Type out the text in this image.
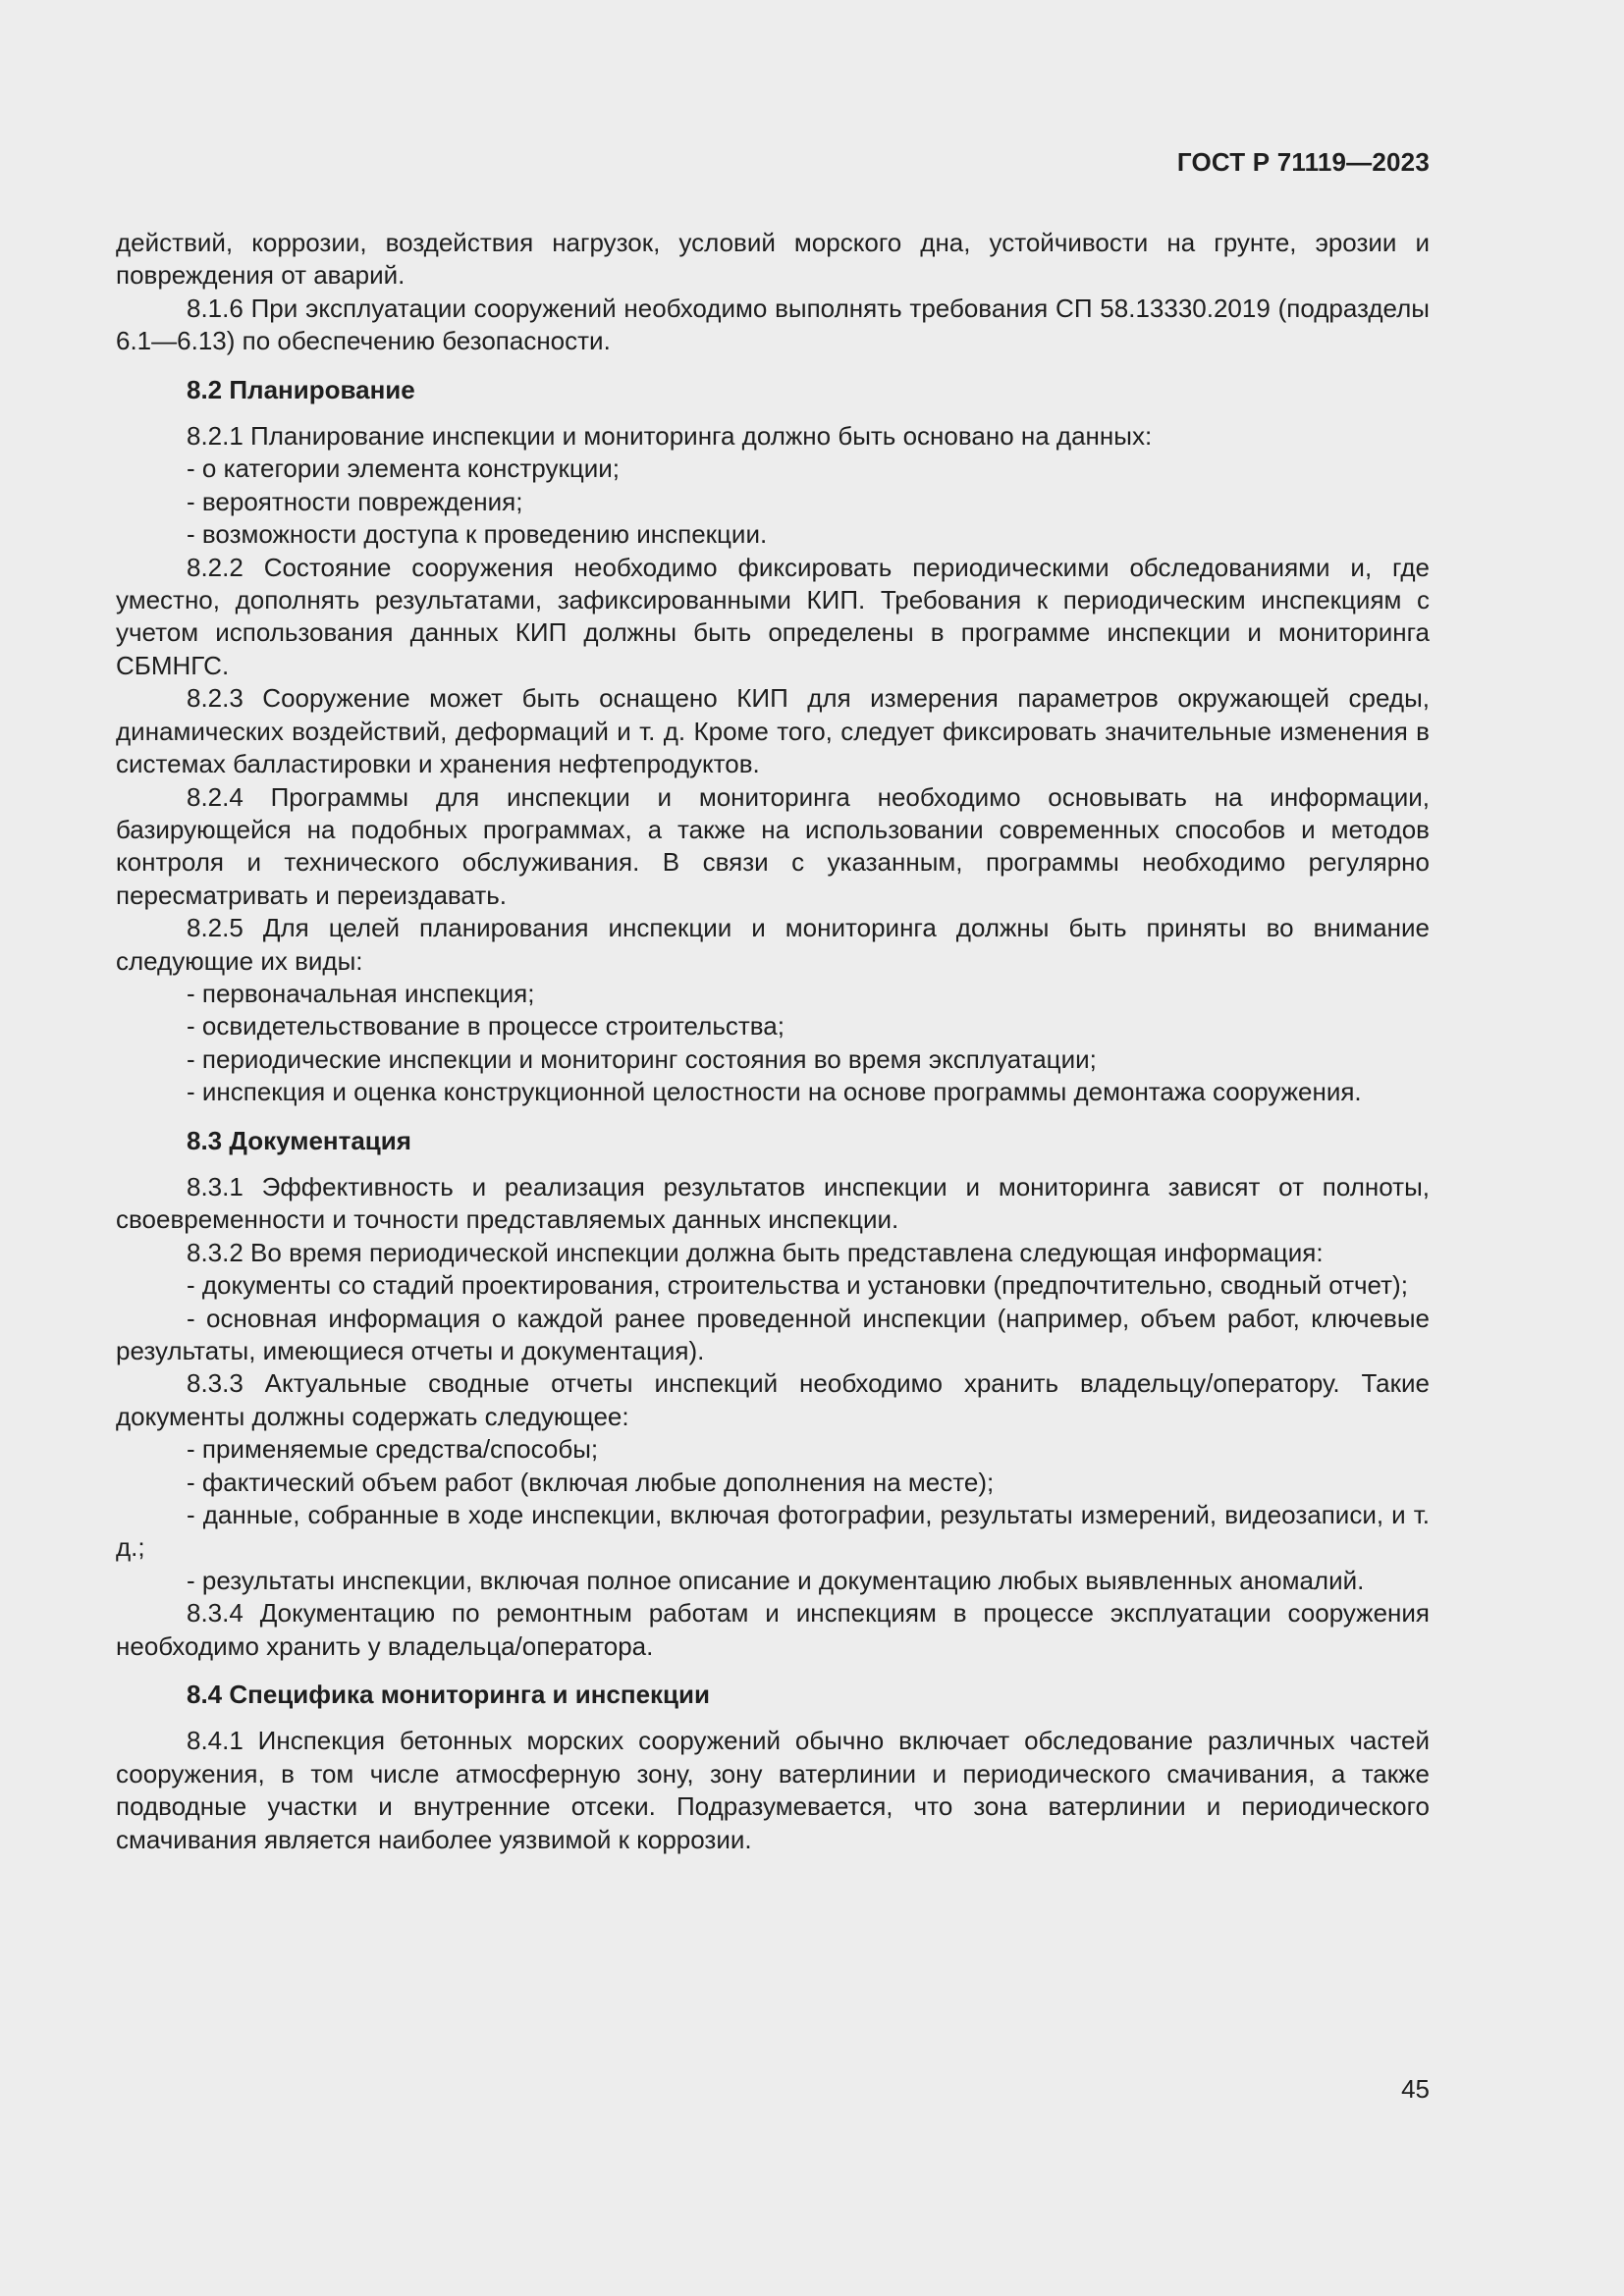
ГОСТ Р 71119—2023

действий, коррозии, воздействия нагрузок, условий морского дна, устойчивости на грунте, эрозии и повреждения от аварий.

8.1.6 При эксплуатации сооружений необходимо выполнять требования СП 58.13330.2019 (подразделы 6.1—6.13) по обеспечению безопасности.

8.2 Планирование

8.2.1 Планирование инспекции и мониторинга должно быть основано на данных:

- о категории элемента конструкции;

- вероятности повреждения;

- возможности доступа к проведению инспекции.

8.2.2 Состояние сооружения необходимо фиксировать периодическими обследованиями и, где уместно, дополнять результатами, зафиксированными КИП. Требования к периодическим инспекциям с учетом использования данных КИП должны быть определены в программе инспекции и мониторинга СБМНГС.

8.2.3 Сооружение может быть оснащено КИП для измерения параметров окружающей среды, динамических воздействий, деформаций и т. д. Кроме того, следует фиксировать значительные изменения в системах балластировки и хранения нефтепродуктов.

8.2.4 Программы для инспекции и мониторинга необходимо основывать на информации, базирующейся на подобных программах, а также на использовании современных способов и методов контроля и технического обслуживания. В связи с указанным, программы необходимо регулярно пересматривать и переиздавать.

8.2.5 Для целей планирования инспекции и мониторинга должны быть приняты во внимание следующие их виды:

- первоначальная инспекция;

- освидетельствование в процессе строительства;

- периодические инспекции и мониторинг состояния во время эксплуатации;

- инспекция и оценка конструкционной целостности на основе программы демонтажа сооружения.

8.3 Документация

8.3.1 Эффективность и реализация результатов инспекции и мониторинга зависят от полноты, своевременности и точности представляемых данных инспекции.

8.3.2 Во время периодической инспекции должна быть представлена следующая информация:

- документы со стадий проектирования, строительства и установки (предпочтительно, сводный отчет);

- основная информация о каждой ранее проведенной инспекции (например, объем работ, ключевые результаты, имеющиеся отчеты и документация).

8.3.3 Актуальные сводные отчеты инспекций необходимо хранить владельцу/оператору. Такие документы должны содержать следующее:

- применяемые средства/способы;

- фактический объем работ (включая любые дополнения на месте);

- данные, собранные в ходе инспекции, включая фотографии, результаты измерений, видеозаписи, и т. д.;

- результаты инспекции, включая полное описание и документацию любых выявленных аномалий.

8.3.4 Документацию по ремонтным работам и инспекциям в процессе эксплуатации сооружения необходимо хранить у владельца/оператора.

8.4 Специфика мониторинга и инспекции

8.4.1 Инспекция бетонных морских сооружений обычно включает обследование различных частей сооружения, в том числе атмосферную зону, зону ватерлинии и периодического смачивания, а также подводные участки и внутренние отсеки. Подразумевается, что зона ватерлинии и периодического смачивания является наиболее уязвимой к коррозии.

45
